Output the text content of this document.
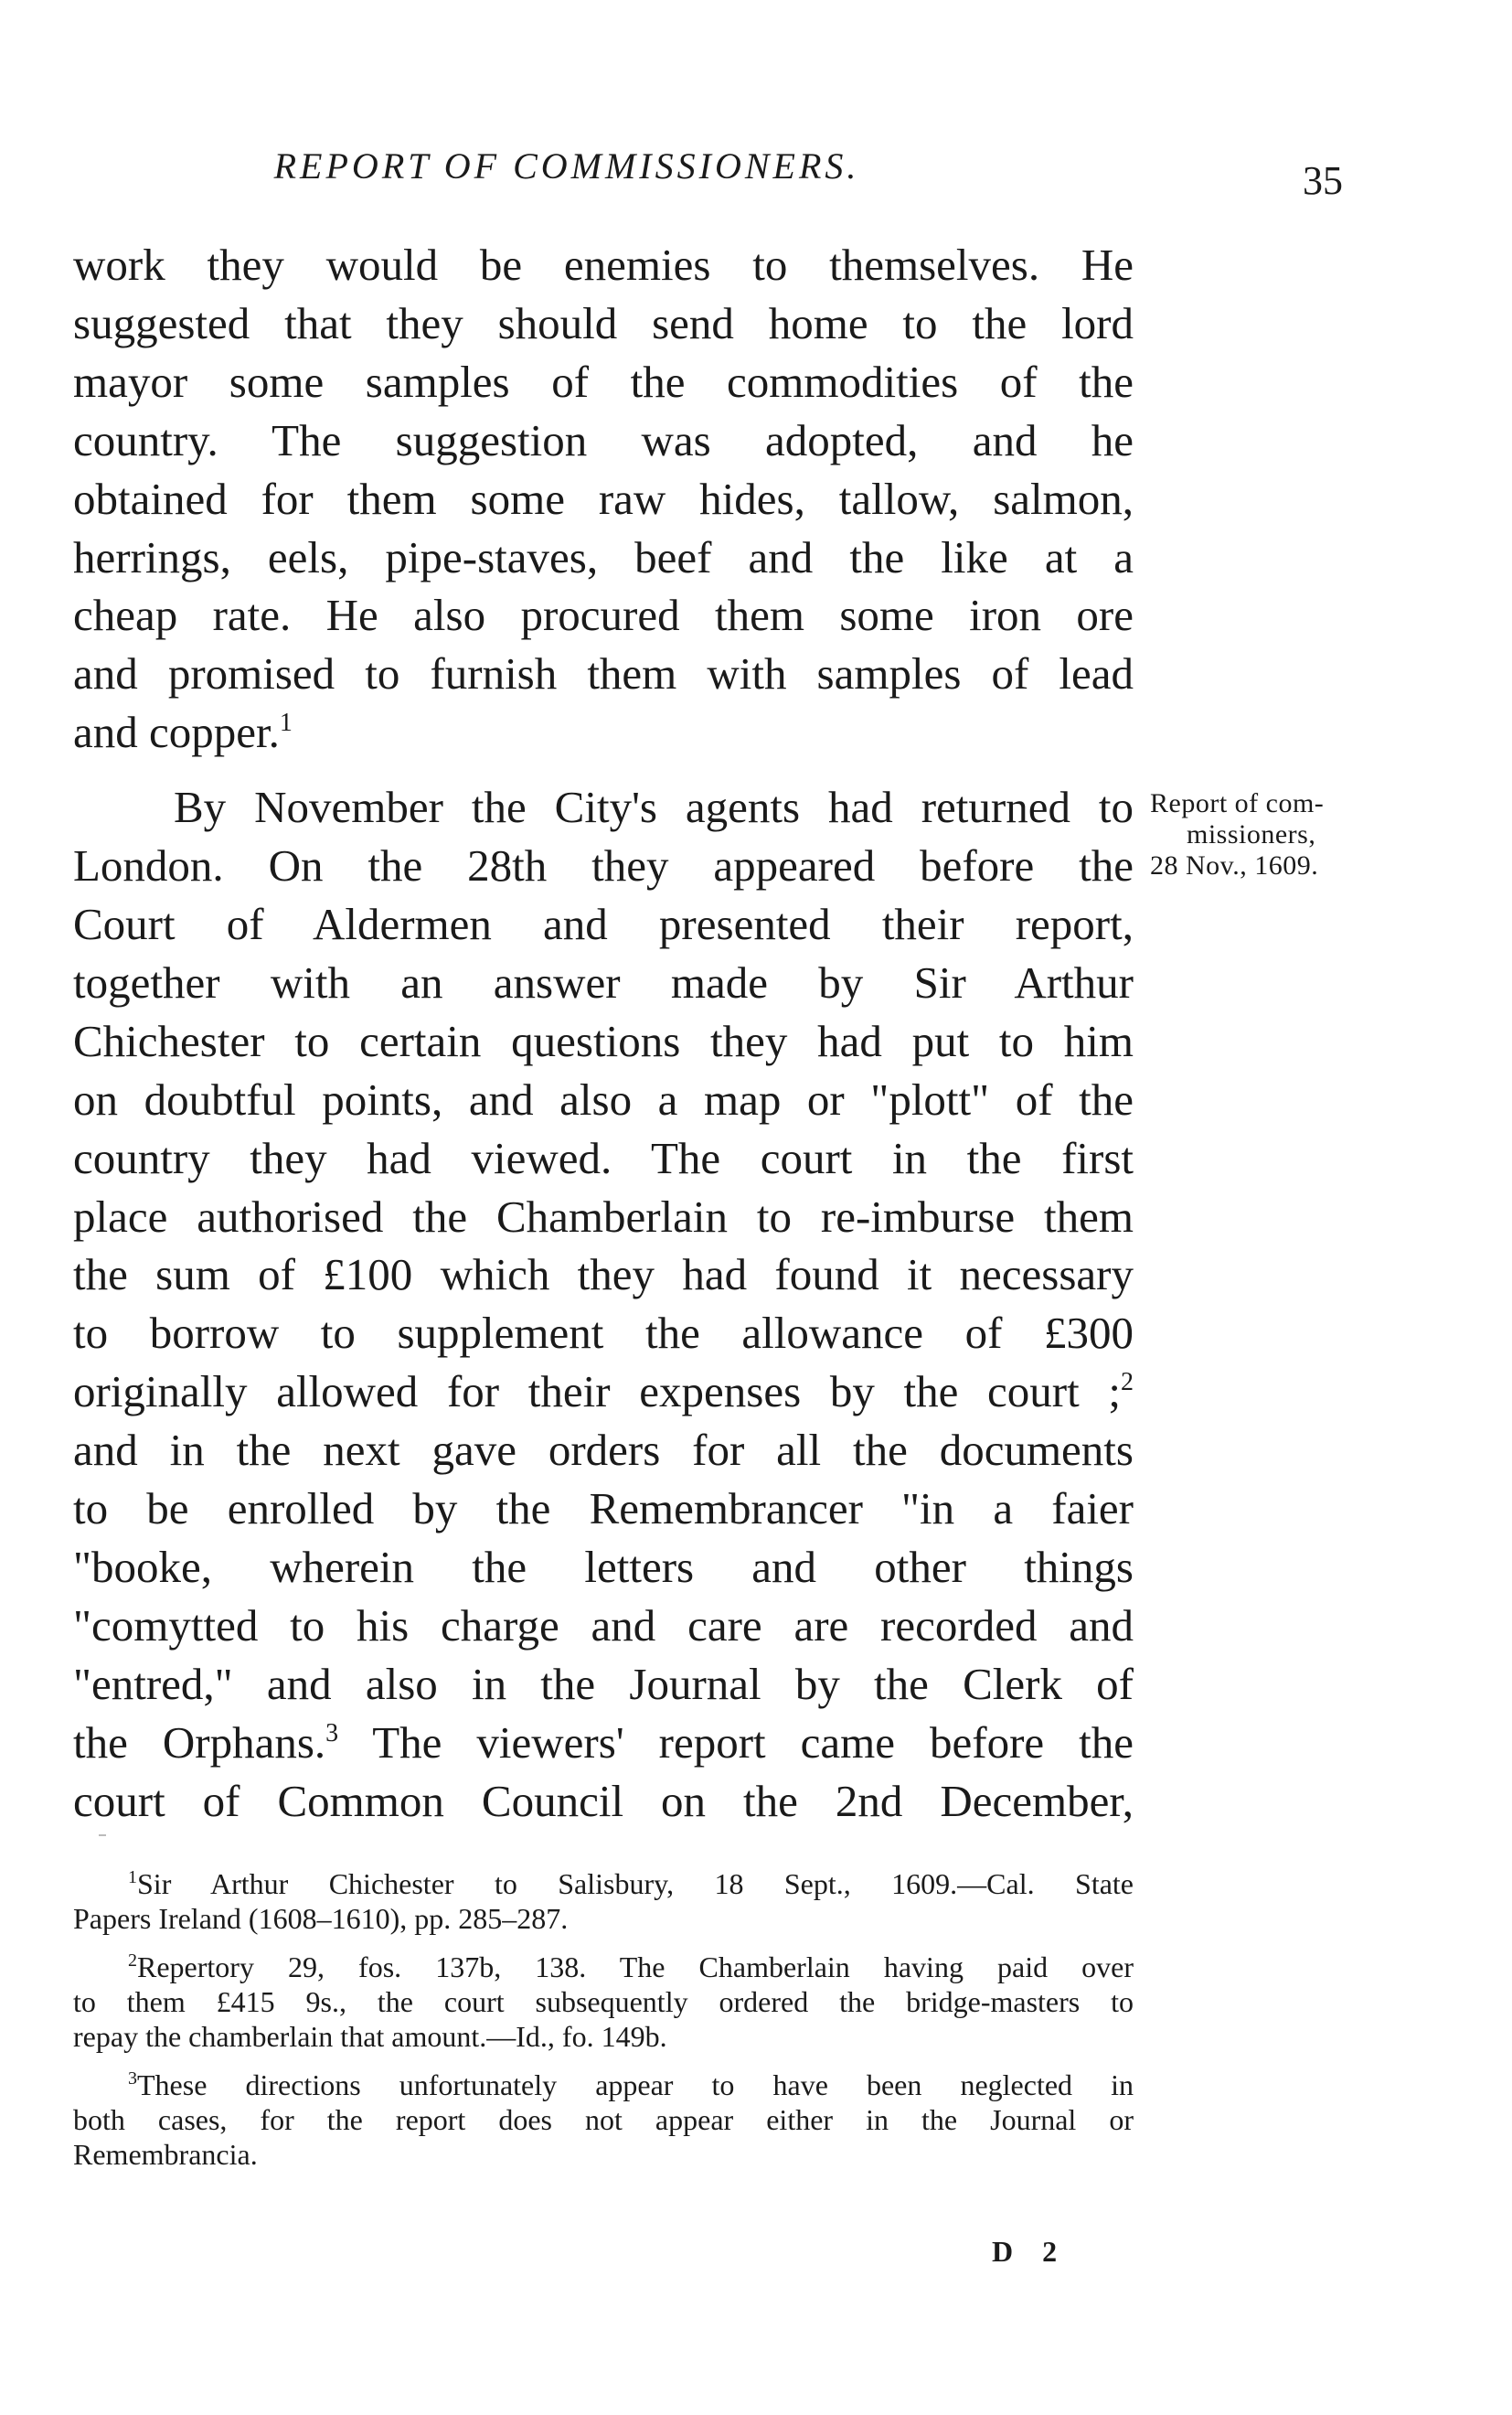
REPORT OF COMMISSIONERS.	35
work they would be enemies to themselves. He
suggested that they should send home to the lord
mayor some samples of the commodities of the
country. The suggestion was adopted, and he
obtained for them some raw hides, tallow, salmon,
herrings, eels, pipe-staves, beef and the like at a
cheap rate. He also procured them some iron ore
and promised to furnish them with samples of lead
and copper.$^1$
By November the City's agents had returned to
London. On the 28th they appeared before the
Court of Aldermen and presented their report,
together with an answer made by Sir Arthur
Chichester to certain questions they had put to him
on doubtful points, and also a map or "plott" of the
country they had viewed. The court in the first
place authorised the Chamberlain to re-imburse them
the sum of £100 which they had found it necessary
to borrow to supplement the allowance of £300
originally allowed for their expenses by the court ;$^2$
and in the next gave orders for all the documents
to be enrolled by the Remembrancer "in a faier
"booke, wherein the letters and other things
"comytted to his charge and care are recorded and
"entred," and also in the Journal by the Clerk of
the Orphans.$^3$ The viewers' report came before the
court of Common Council on the 2nd December,
Report of com-
missioners,
28 Nov., 1609.
$^1$Sir Arthur Chichester to Salisbury, 18 Sept., 1609.—Cal. State
Papers Ireland (1608–1610), pp. 285–287.
$^2$Repertory 29, fos. 137b, 138. The Chamberlain having paid over
to them £415 9s., the court subsequently ordered the bridge-masters to
repay the chamberlain that amount.—Id., fo. 149b.
$^3$These directions unfortunately appear to have been neglected in
both cases, for the report does not appear either in the Journal or
Remembrancia.
D 2
